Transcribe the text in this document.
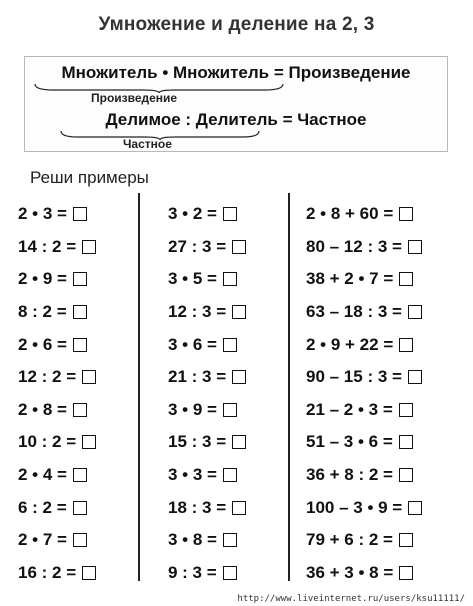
Умножение и деление на 2, 3
Множитель • Множитель = Произведение
Произведение
Делимое : Делитель = Частное
Частное
Реши примеры
2 • 3 =
14 : 2 =
2 • 9 =
8 : 2 =
2 • 6 =
12 : 2 =
2 • 8 =
10 : 2 =
2 • 4 =
6 : 2 =
2 • 7 =
16 : 2 =
3 • 2 =
27 : 3 =
3 • 5 =
12 : 3 =
3 • 6 =
21 : 3 =
3 • 9 =
15 : 3 =
3 • 3 =
18 : 3 =
3 • 8 =
9 : 3 =
2 • 8 + 60 =
80 – 12 : 3 =
38 + 2 • 7 =
63 – 18 : 3 =
2 • 9 + 22 =
90 – 15 : 3 =
21 – 2 • 3 =
51 – 3 • 6 =
36 + 8 : 2 =
100 – 3 • 9 =
79 + 6 : 2 =
36 + 3 • 8 =
http://www.liveinternet.ru/users/ksu11111/
